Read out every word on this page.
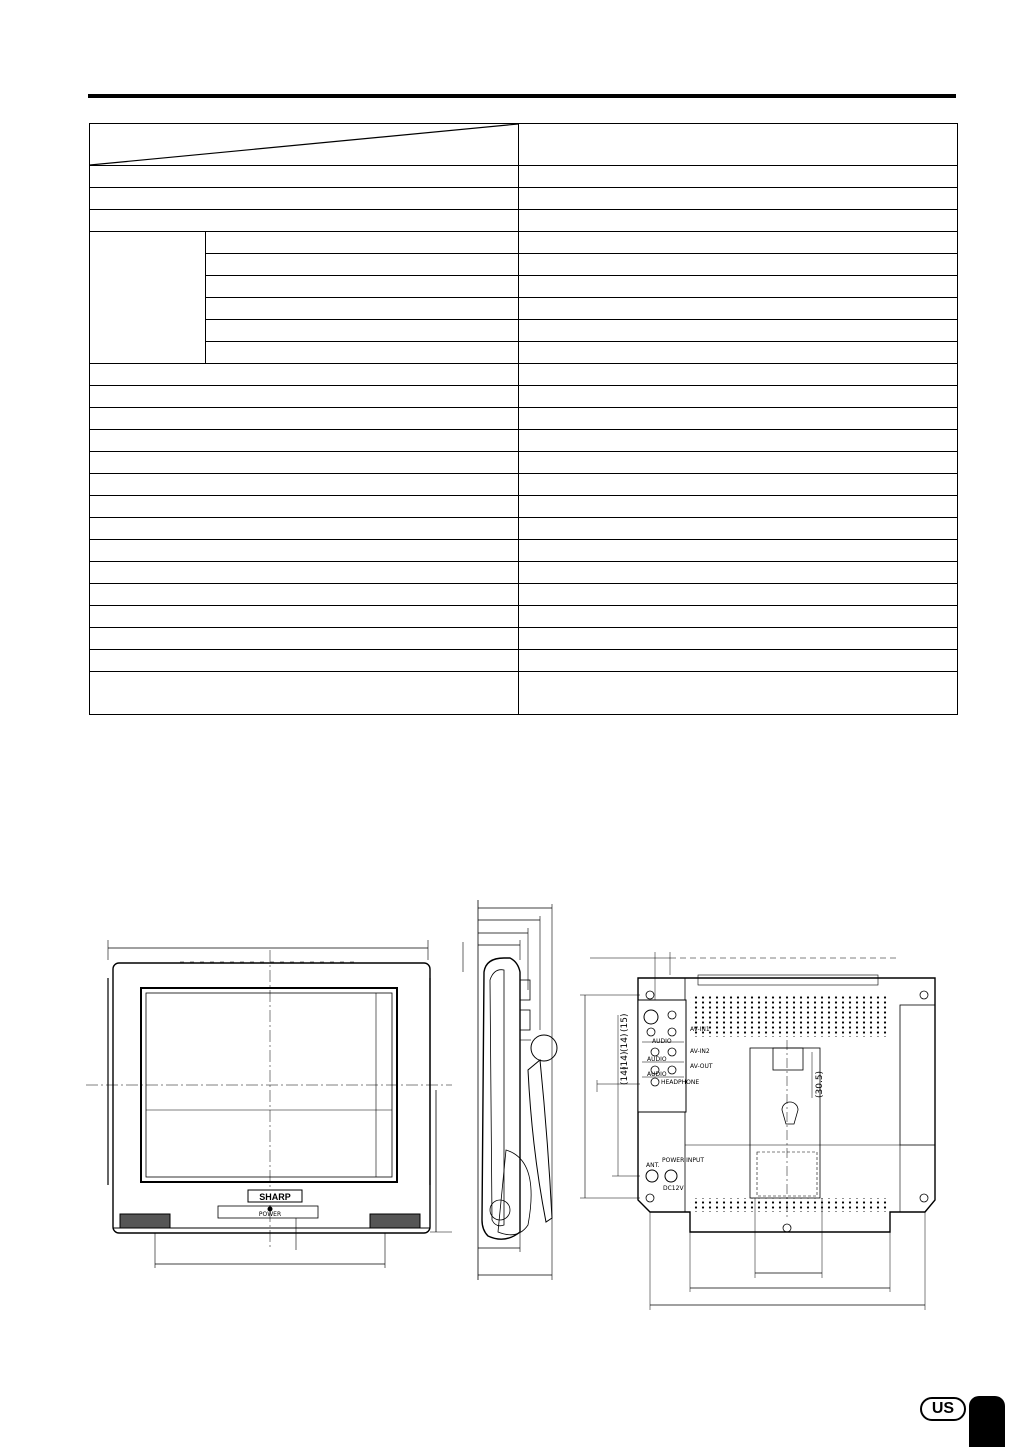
SHARP
POWER
AV-IN1
AUDIO
AV-IN2
AUDIO
AV-OUT
AUDIO
HEADPHONE
ANT.
POWER INPUT
DC12V
(15)
(14)
(14)
(14)	(30.5)
US
